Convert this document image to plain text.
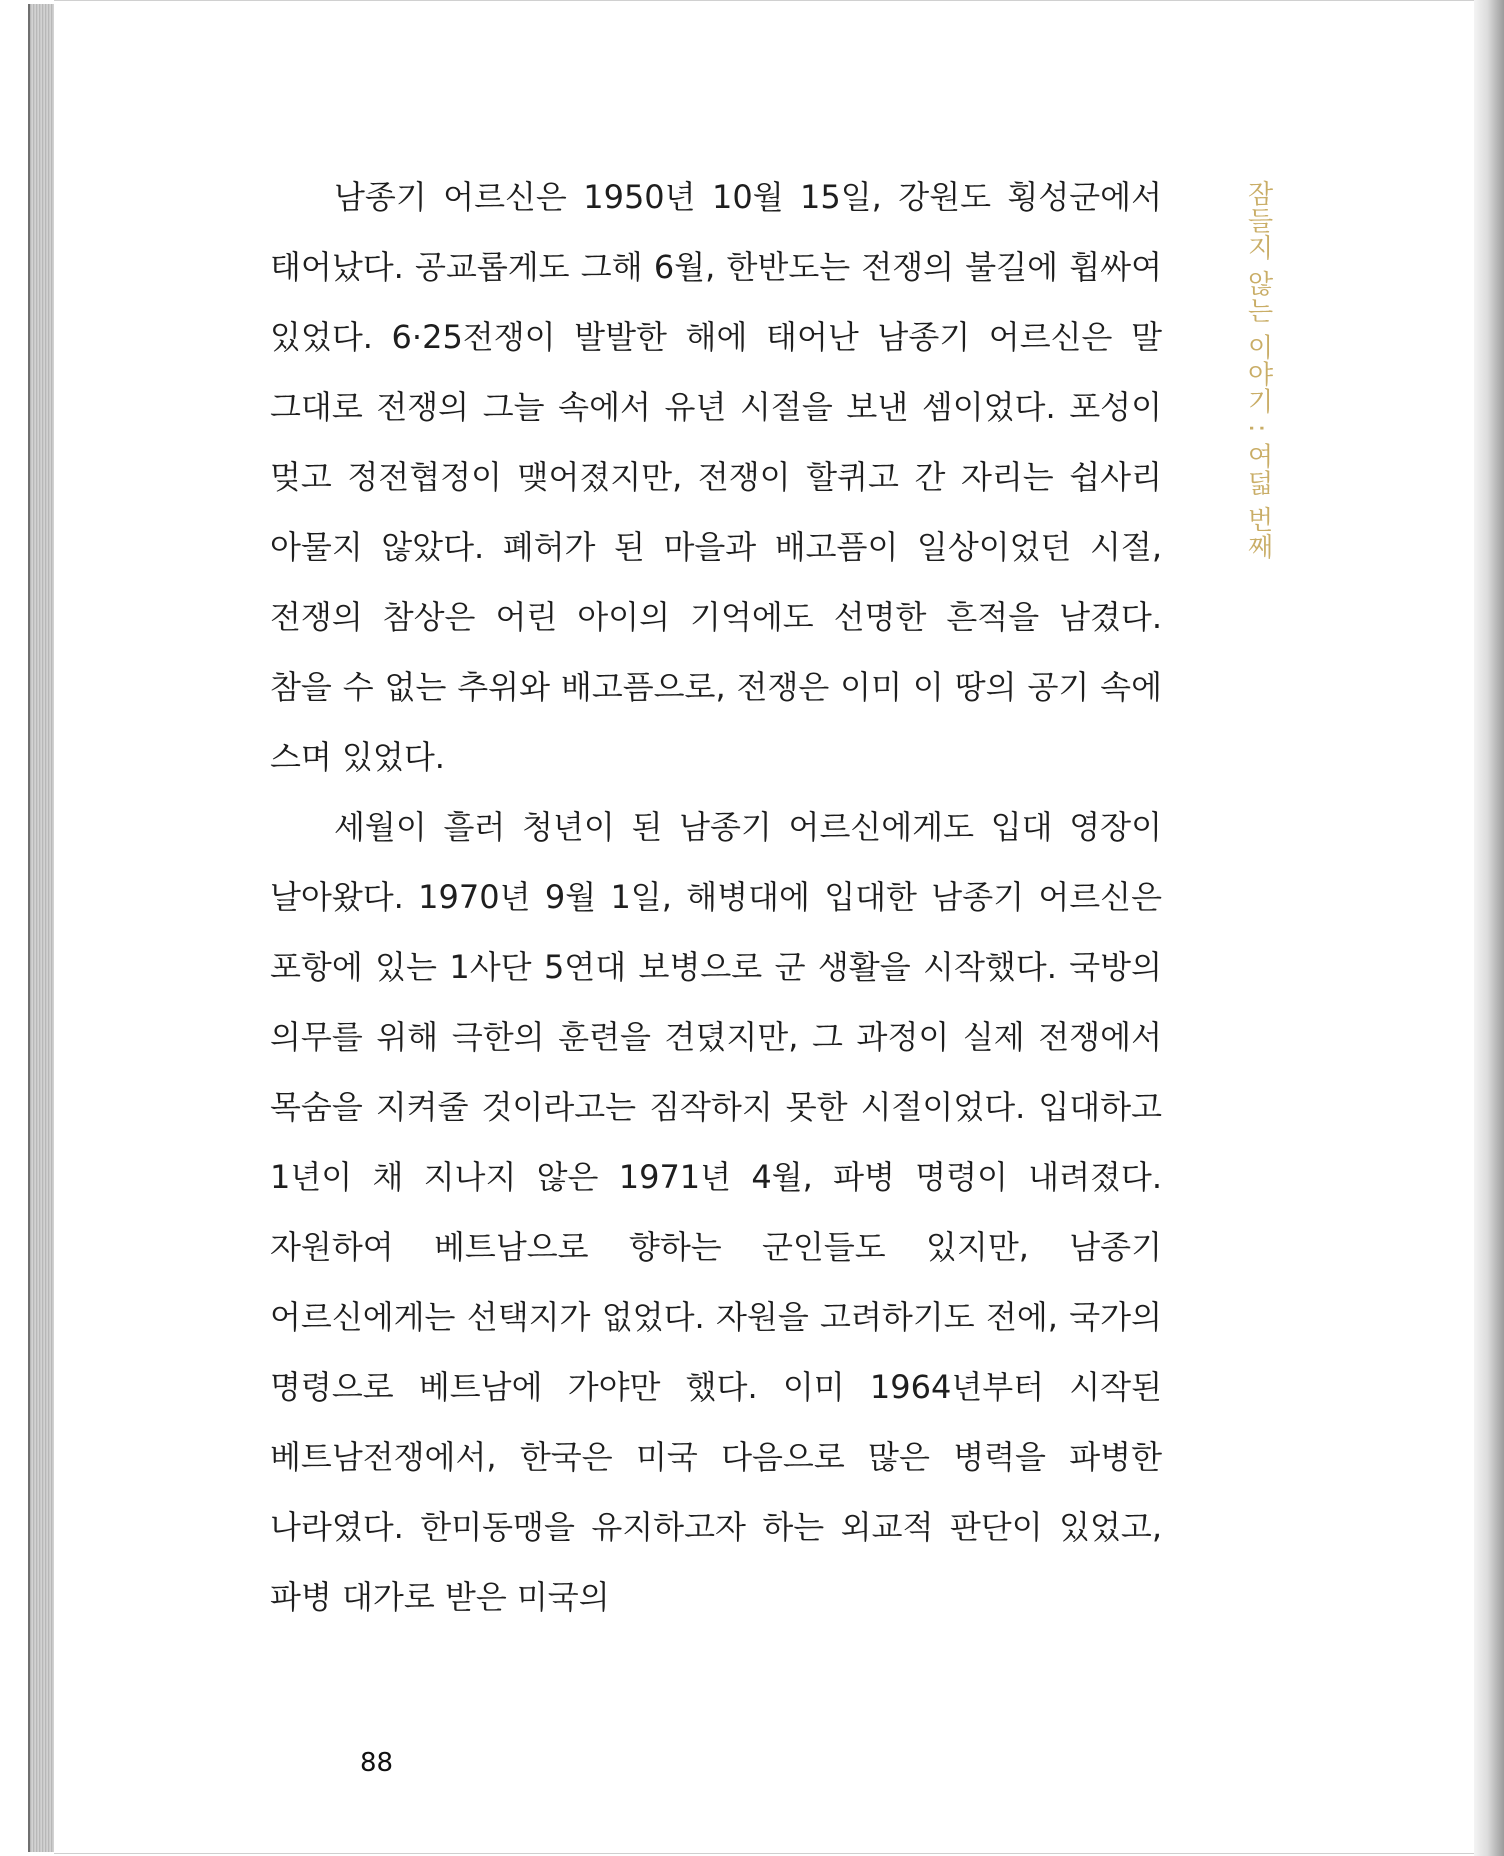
남종기 어르신은 1950년 10월 15일, 강원도 횡성군에서 태어났다. 공교롭게도 그해 6월, 한반도는 전쟁의 불길에 휩싸여 있었다. 6·25전쟁이 발발한 해에 태어난 남종기 어르신은 말 그대로 전쟁의 그늘 속에서 유년 시절을 보낸 셈이었다. 포성이 멎고 정전협정이 맺어졌지만, 전쟁이 할퀴고 간 자리는 쉽사리 아물지 않았다. 폐허가 된 마을과 배고픔이 일상이었던 시절, 전쟁의 참상은 어린 아이의 기억에도 선명한 흔적을 남겼다. 참을 수 없는 추위와 배고픔으로, 전쟁은 이미 이 땅의 공기 속에 스며 있었다.

세월이 흘러 청년이 된 남종기 어르신에게도 입대 영장이 날아왔다. 1970년 9월 1일, 해병대에 입대한 남종기 어르신은 포항에 있는 1사단 5연대 보병으로 군 생활을 시작했다. 국방의 의무를 위해 극한의 훈련을 견뎠지만, 그 과정이 실제 전쟁에서 목숨을 지켜줄 것이라고는 짐작하지 못한 시절이었다. 입대하고 1년이 채 지나지 않은 1971년 4월, 파병 명령이 내려졌다. 자원하여 베트남으로 향하는 군인들도 있지만, 남종기 어르신에게는 선택지가 없었다. 자원을 고려하기도 전에, 국가의 명령으로 베트남에 가야만 했다. 이미 1964년부터 시작된 베트남전쟁에서, 한국은 미국 다음으로 많은 병력을 파병한 나라였다. 한미동맹을 유지하고자 하는 외교적 판단이 있었고, 파병 대가로 받은 미국의

잠들지 않는 이야기 : 여덟 번째
88
